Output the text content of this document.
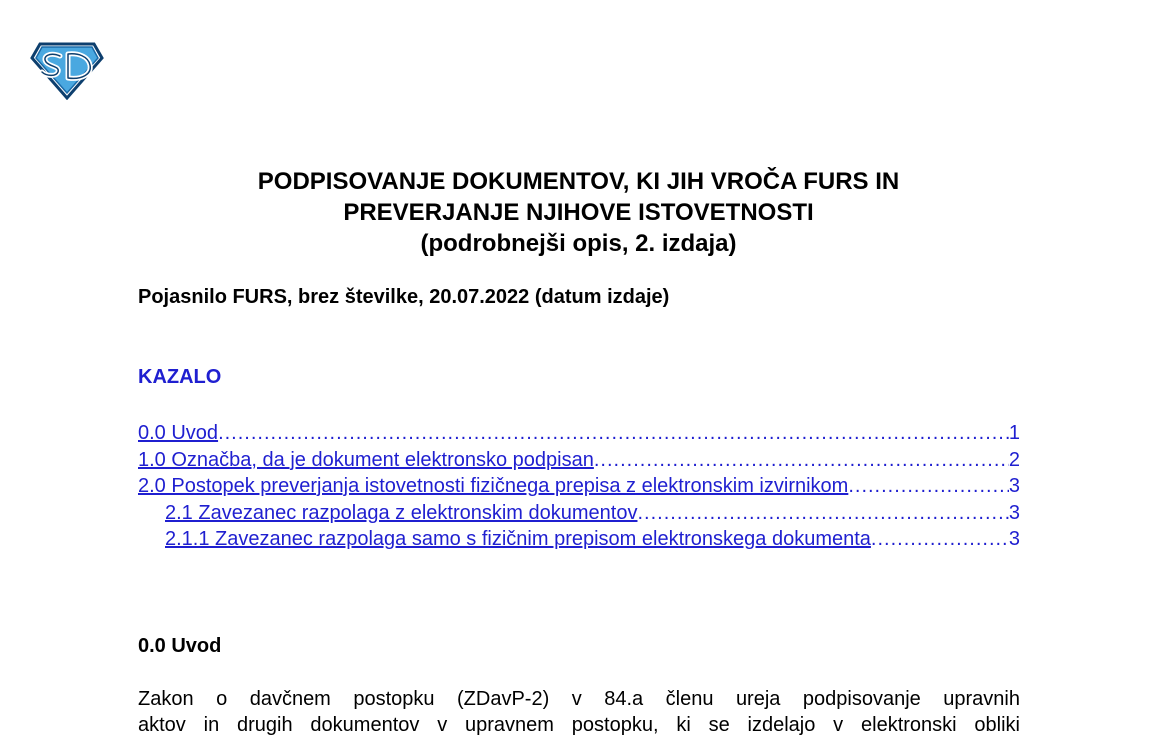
PODPISOVANJE DOKUMENTOV, KI JIH VROČA FURS IN
PREVERJANJE NJIHOVE ISTOVETNOSTI
(podrobnejši opis, 2. izdaja)
Pojasnilo FURS, brez številke, 20.07.2022 (datum izdaje)
KAZALO
0.0 Uvod .....	1
1.0 Označba, da je dokument elektronsko podpisan .....	2
2.0 Postopek preverjanja istovetnosti fizičnega prepisa z elektronskim izvirnikom .....	3
2.1 Zavezanec razpolaga z elektronskim dokumentov .....	3
2.1.1 Zavezanec razpolaga samo s fizičnim prepisom elektronskega dokumenta .....	3
0.0 Uvod
Zakon o davčnem postopku (ZDavP-2) v 84.a členu ureja podpisovanje upravnih
aktov in drugih dokumentov v upravnem postopku, ki se izdelajo v elektronski obliki
